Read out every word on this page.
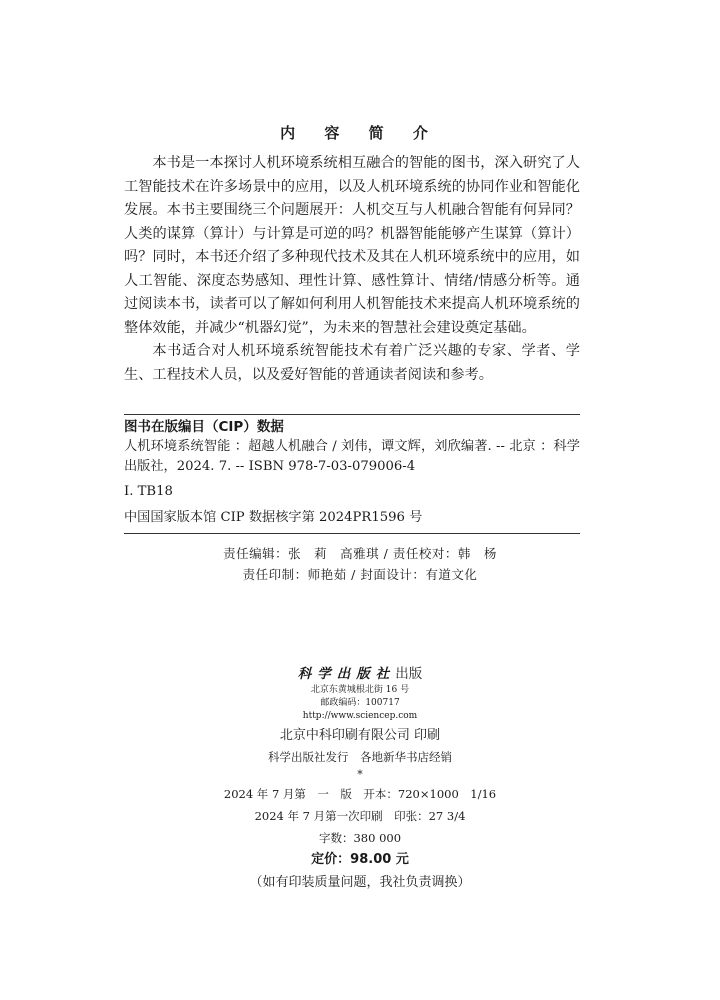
内 容 简 介

本书是一本探讨人机环境系统相互融合的智能的图书，深入研究了人工智能技术在许多场景中的应用，以及人机环境系统的协同作业和智能化发展。本书主要围绕三个问题展开：人机交互与人机融合智能有何异同？人类的谋算（算计）与计算是可逆的吗？机器智能能够产生谋算（算计）吗？同时，本书还介绍了多种现代技术及其在人机环境系统中的应用，如人工智能、深度态势感知、理性计算、感性算计、情绪/情感分析等。通过阅读本书，读者可以了解如何利用人机智能技术来提高人机环境系统的整体效能，并减少“机器幻觉”，为未来的智慧社会建设奠定基础。

本书适合对人机环境系统智能技术有着广泛兴趣的专家、学者、学生、工程技术人员，以及爱好智能的普通读者阅读和参考。

图书在版编目（CIP）数据
人机环境系统智能 ：超越人机融合 / 刘伟，谭文辉，刘欣编著. -- 北京 ：科学出版社，2024. 7. -- ISBN 978-7-03-079006-4
Ⅰ. TB18
中国国家版本馆 CIP 数据核字第 2024PR1596 号
责任编辑：张　莉　高雅琪 / 责任校对：韩　杨
责任印制：师艳茹 / 封面设计：有道文化
科学出版社出版
北京东黄城根北街 16 号
邮政编码：100717
http://www.sciencep.com
北京中科印刷有限公司 印刷
科学出版社发行　各地新华书店经销
*
2024 年 7 月第　一　版　开本：720×1000　1/16
2024 年 7 月第一次印刷　印张：27 3/4
字数：380 000
定价：98.00 元
（如有印装质量问题，我社负责调换）
